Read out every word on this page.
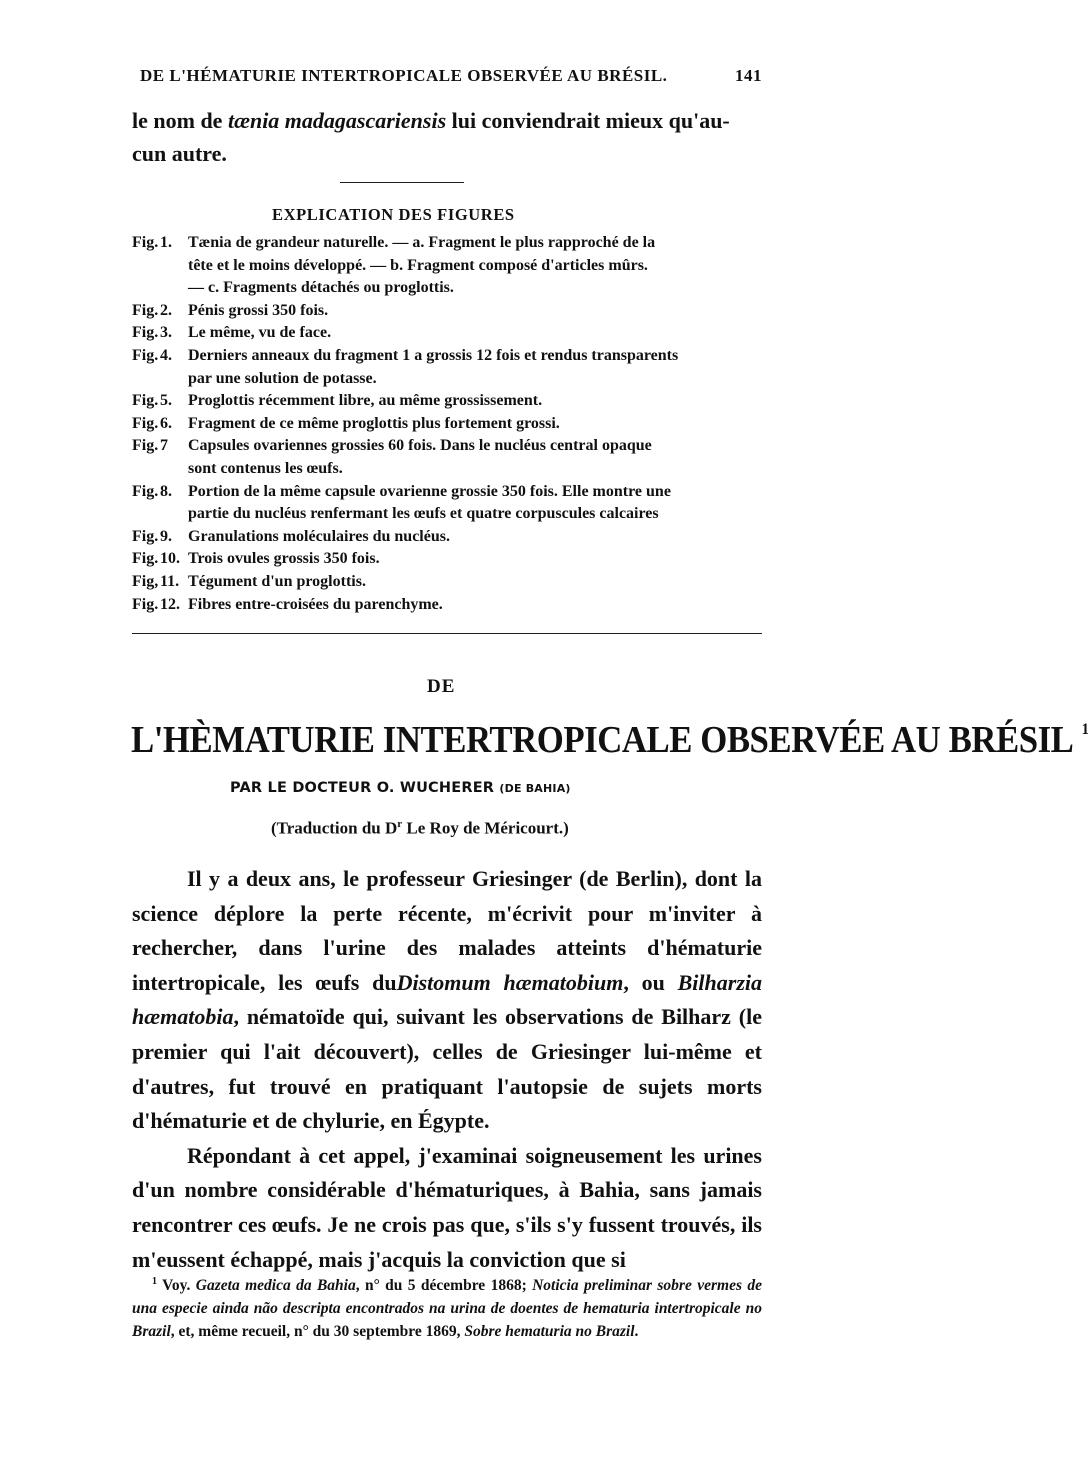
DE L'HÉMATURIE INTERTROPICALE OBSERVÉE AU BRÉSIL.	141
le nom de tænia madagascariensis lui conviendrait mieux qu'au-
cun autre.
EXPLICATION DES FIGURES
Fig. 1. Tænia de grandeur naturelle. — a. Fragment le plus rapproché de la
tête et le moins développé. — b. Fragment composé d'articles mûrs.
— c. Fragments détachés ou proglottis.
Fig. 2. Pénis grossi 350 fois.
Fig. 3. Le même, vu de face.
Fig. 4. Derniers anneaux du fragment 1 a grossis 12 fois et rendus transparents
par une solution de potasse.
Fig. 5. Proglottis récemment libre, au même grossissement.
Fig. 6. Fragment de ce même proglottis plus fortement grossi.
Fig. 7 Capsules ovariennes grossies 60 fois. Dans le nucléus central opaque
sont contenus les œufs.
Fig. 8. Portion de la même capsule ovarienne grossie 350 fois. Elle montre une
partie du nucléus renfermant les œufs et quatre corpuscules calcaires
Fig. 9. Granulations moléculaires du nucléus.
Fig. 10. Trois ovules grossis 350 fois.
Fig, 11. Tégument d'un proglottis.
Fig. 12. Fibres entre-croisées du parenchyme.
DE
L'HÈMATURIE INTERTROPICALE OBSERVÉE AU BRÉSIL $^1$
PAR LE DOCTEUR O. WUCHERER (DE BAHIA)
(Traduction du $D^r$ Le Roy de Méricourt.)

Il y a deux ans, le professeur Griesinger (de Berlin), dont la science déplore la perte récente, m'écrivit pour m'inviter à rechercher, dans l'urine des malades atteints d'hématurie intertropicale, les œufs duDistomum hæmatobium, ou Bilharzia hæmatobia, nématoïde qui, suivant les observations de Bilharz (le premier qui l'ait découvert), celles de Griesinger lui-même et d'autres, fut trouvé en pratiquant l'autopsie de sujets morts d'hématurie et de chylurie, en Égypte.

Répondant à cet appel, j'examinai soigneusement les urines d'un nombre considérable d'hématuriques, à Bahia, sans jamais rencontrer ces œufs. Je ne crois pas que, s'ils s'y fussent trouvés, ils m'eussent échappé, mais j'acquis la conviction que si

$^1$ Voy. Gazeta medica da Bahia, n° du 5 décembre 1868; Noticia preliminar sobre vermes de una especie ainda não descripta encontrados na urina de doentes de hematuria intertropicale no Brazil, et, même recueil, n° du 30 septembre 1869, Sobre hematuria no Brazil.
